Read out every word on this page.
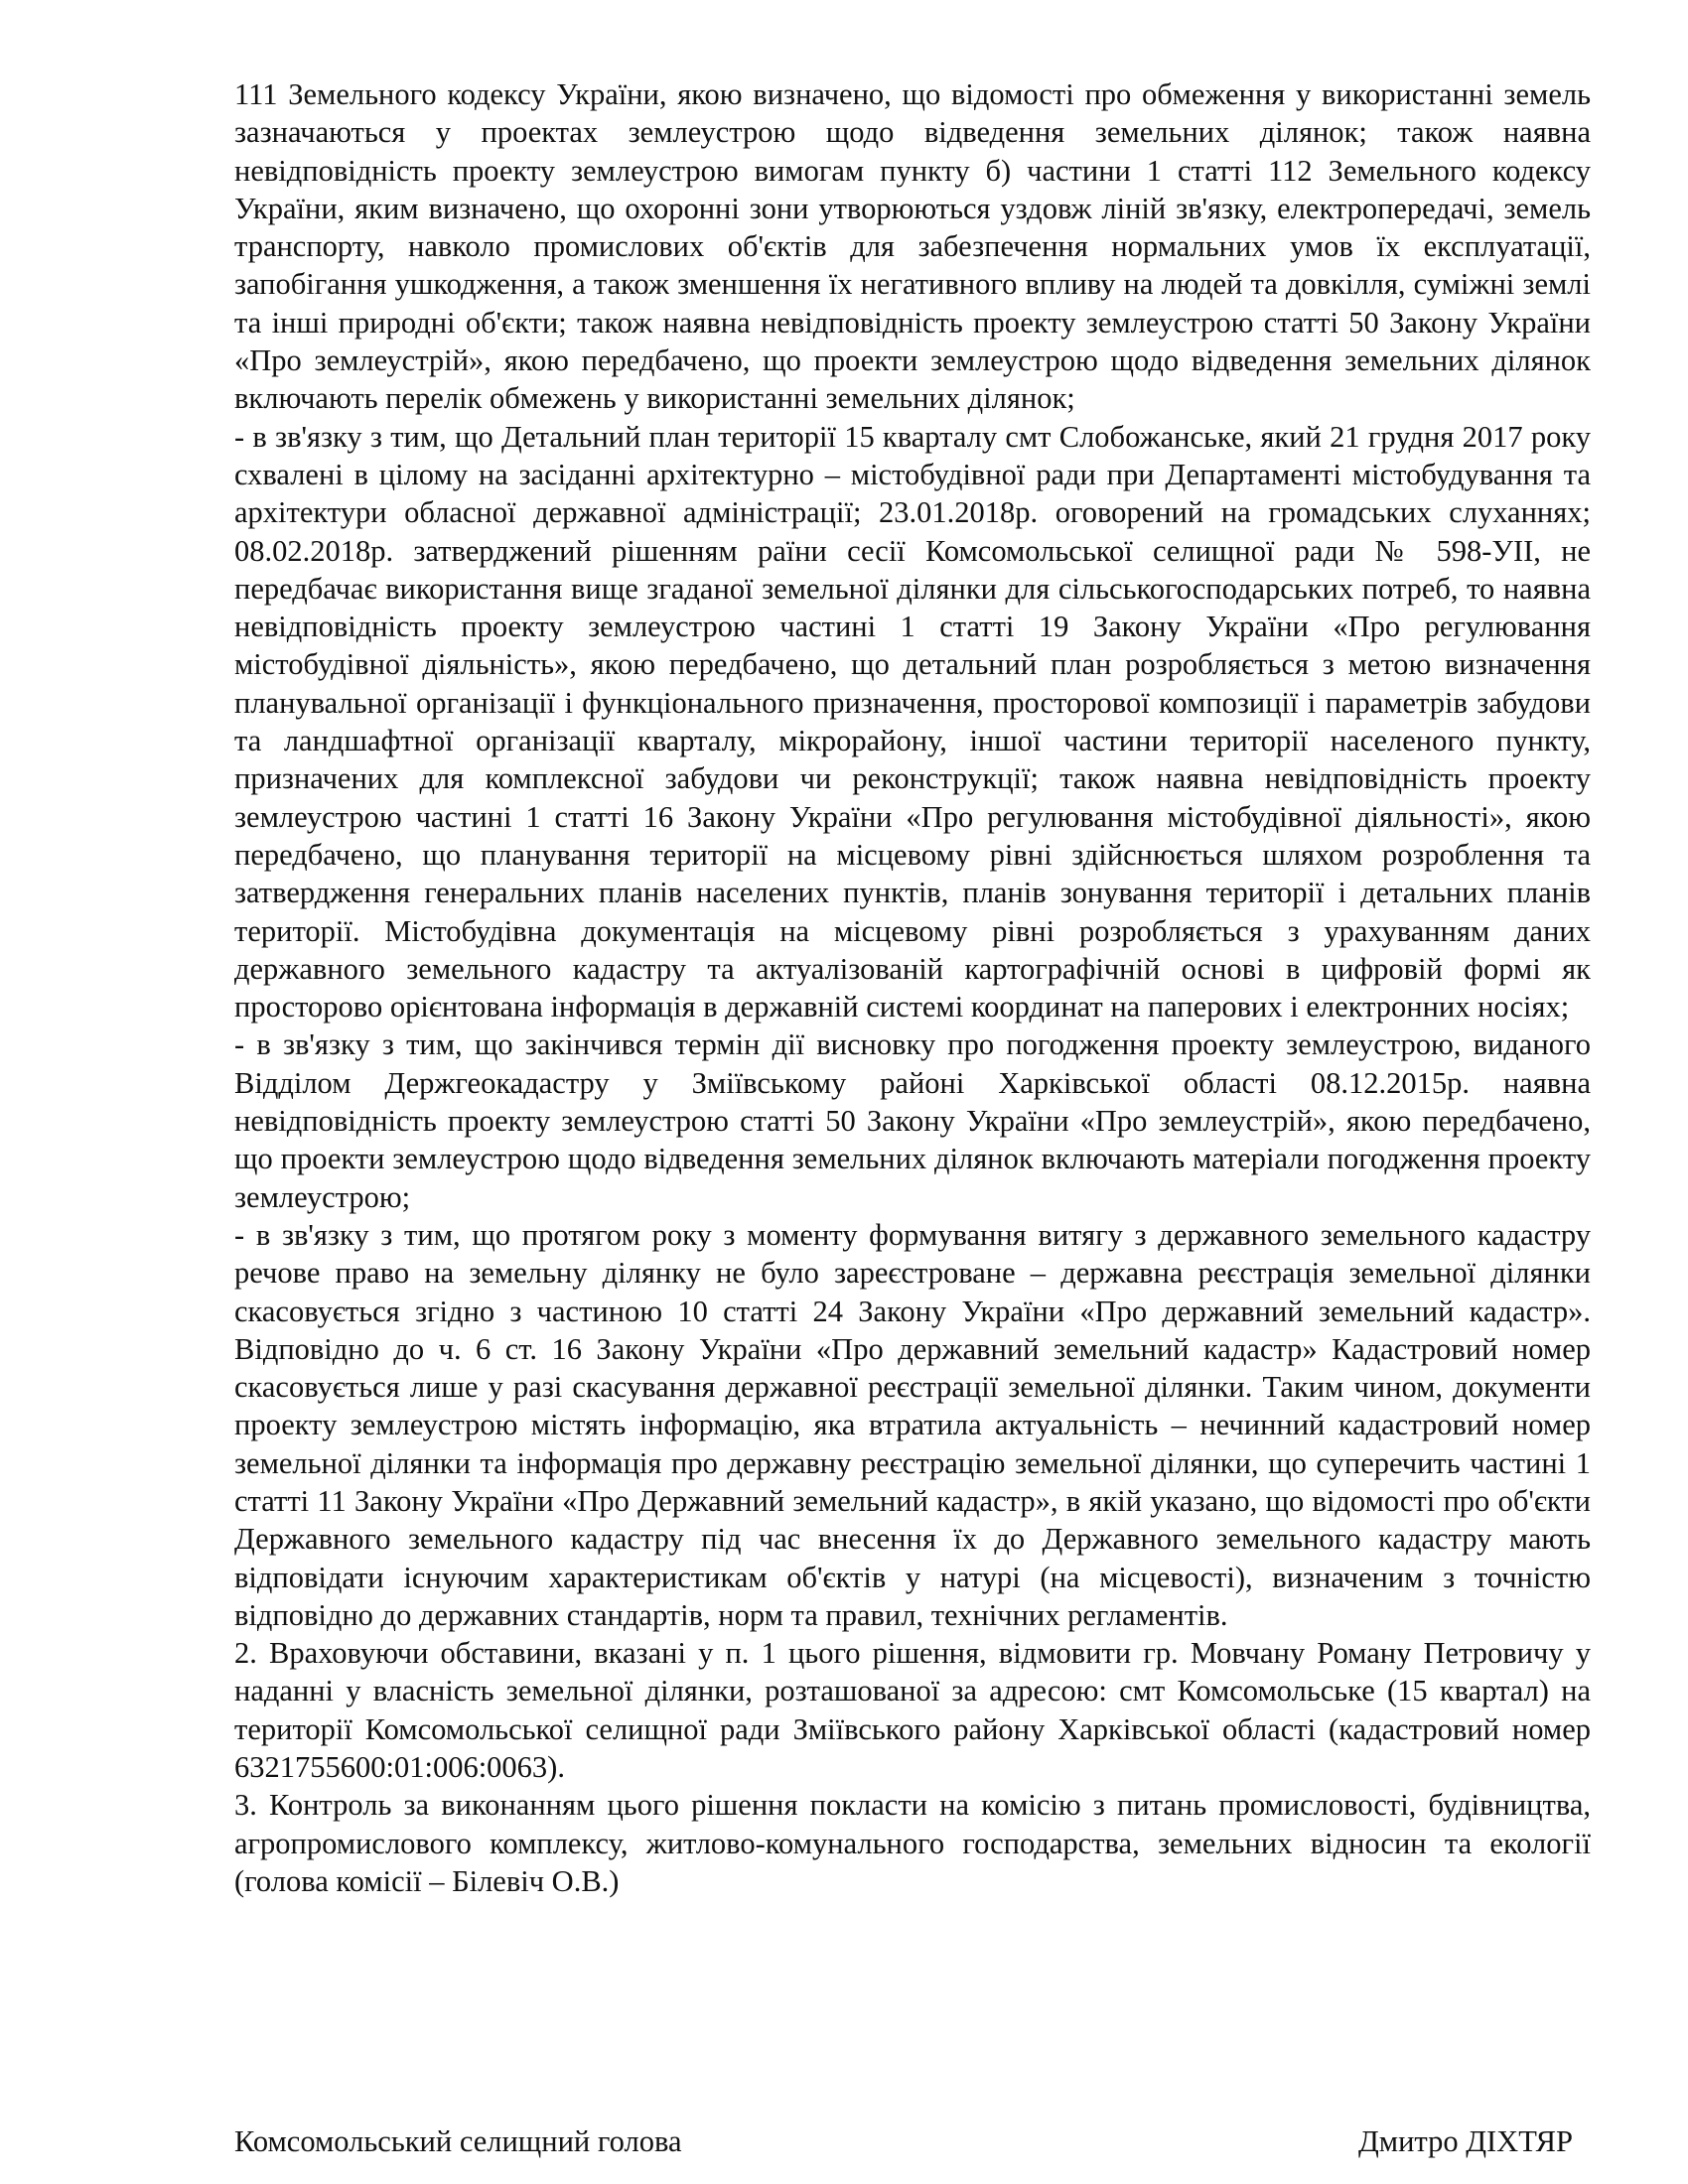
111 Земельного кодексу України, якою визначено, що відомості про обмеження у використанні земель зазначаються у проектах землеустрою щодо відведення земельних ділянок; також наявна невідповідність проекту землеустрою вимогам пункту б) частини 1 статті 112 Земельного кодексу України, яким визначено, що охоронні зони утворюються уздовж ліній зв'язку, електропередачі, земель транспорту, навколо промислових об'єктів для забезпечення нормальних умов їх експлуатації, запобігання ушкодження, а також зменшення їх негативного впливу на людей та довкілля, суміжні землі та інші природні об'єкти; також наявна невідповідність проекту землеустрою статті 50 Закону України «Про землеустрій», якою передбачено, що проекти землеустрою щодо відведення земельних ділянок включають перелік обмежень у використанні земельних ділянок;

- в зв'язку з тим, що Детальний план території 15 кварталу смт Слобожанське, який 21 грудня 2017 року схвалені в цілому на засіданні архітектурно – містобудівної ради при Департаменті містобудування та архітектури обласної державної адміністрації; 23.01.2018р. оговорений на громадських слуханнях; 08.02.2018р. затверджений рішенням раїни сесії Комсомольської селищної ради № 598-УІІ, не передбачає використання вище згаданої земельної ділянки для сільськогосподарських потреб, то наявна невідповідність проекту землеустрою частині 1 статті 19 Закону України «Про регулювання містобудівної діяльність», якою передбачено, що детальний план розробляється з метою визначення планувальної організації і функціонального призначення, просторової композиції і параметрів забудови та ландшафтної організації кварталу, мікрорайону, іншої частини території населеного пункту, призначених для комплексної забудови чи реконструкції; також наявна невідповідність проекту землеустрою частині 1 статті 16 Закону України «Про регулювання містобудівної діяльності», якою передбачено, що планування території на місцевому рівні здійснюється шляхом розроблення та затвердження генеральних планів населених пунктів, планів зонування території і детальних планів території. Містобудівна документація на місцевому рівні розробляється з урахуванням даних державного земельного кадастру та актуалізованій картографічній основі в цифровій формі як просторово орієнтована інформація в державній системі координат на паперових і електронних носіях;

- в зв'язку з тим, що закінчився термін дії висновку про погодження проекту землеустрою, виданого Відділом Держгеокадастру у Зміївському районі Харківської області 08.12.2015р. наявна невідповідність проекту землеустрою статті 50 Закону України «Про землеустрій», якою передбачено, що проекти землеустрою щодо відведення земельних ділянок включають матеріали погодження проекту землеустрою;

- в зв'язку з тим, що протягом року з моменту формування витягу з державного земельного кадастру речове право на земельну ділянку не було зареєстроване – державна реєстрація земельної ділянки скасовується згідно з частиною 10 статті 24 Закону України «Про державний земельний кадастр». Відповідно до ч. 6 ст. 16 Закону України «Про державний земельний кадастр» Кадастровий номер скасовується лише у разі скасування державної реєстрації земельної ділянки. Таким чином, документи проекту землеустрою містять інформацію, яка втратила актуальність – нечинний кадастровий номер земельної ділянки та інформація про державну реєстрацію земельної ділянки, що суперечить частині 1 статті 11 Закону України «Про Державний земельний кадастр», в якій указано, що відомості про об'єкти Державного земельного кадастру під час внесення їх до Державного земельного кадастру мають відповідати існуючим характеристикам об'єктів у натурі (на місцевості), визначеним з точністю відповідно до державних стандартів, норм та правил, технічних регламентів.

2. Враховуючи обставини, вказані у п. 1 цього рішення, відмовити гр. Мовчану Роману Петровичу у наданні у власність земельної ділянки, розташованої за адресою: смт Комсомольське (15 квартал) на території Комсомольської селищної ради Зміївського району Харківської області (кадастровий номер 6321755600:01:006:0063).

3. Контроль за виконанням цього рішення покласти на комісію з питань промисловості, будівництва, агропромислового комплексу, житлово-комунального господарства, земельних відносин та екології (голова комісії – Білевіч О.В.)

Комсомольський селищний голова	Дмитро ДІХТЯР
